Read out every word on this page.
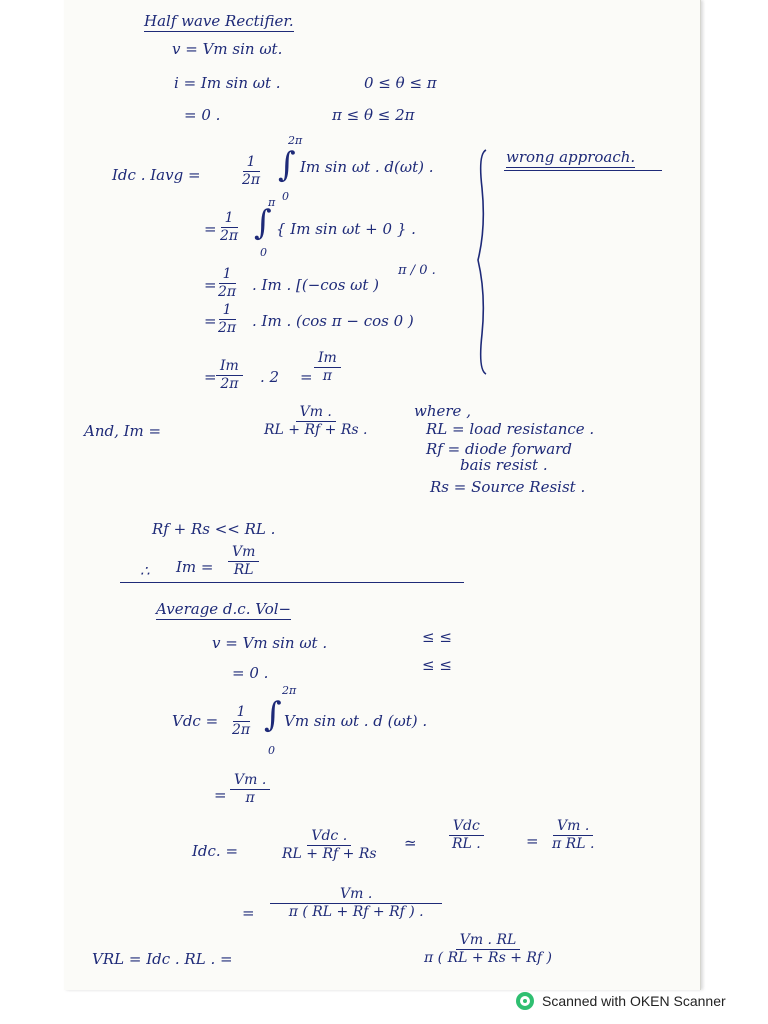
Half wave Rectifier.
v = Vm sin ωt.
i = Im sin ωt .	0 ≤ θ ≤ π
= 0 .	π ≤ θ ≤ 2π
Idc . Iavg =	$\frac{1}{2\pi}$
2π
∫
0
Im sin ωt . d(ωt) .
wrong approach.
= $\frac{1}{2\pi}$
π
∫
0
{ Im sin ωt + 0 } .
=
$\frac{1}{2\pi}$ . Im . [(−cos ωt )
π / 0 .
=
$\frac{1}{2\pi}$ . Im . (cos π − cos 0 )
= $\frac{Im}{2\pi}$ . $2 = \frac{Im}{\pi}$
And, Im =	$\frac{Vm .}{RL + Rf + Rs .}$	where ,
RL = load resistance .
Rf = diode forward
bais resist .
Rs = Source Resist .
Rf + Rs << RL .
∴ $Im = \frac{Vm}{RL}$
Average d.c. Vol−
v = Vm sin ωt .	≤ ≤
= 0 .	≤ ≤
Vdc = $\frac{1}{2\pi}$
2π
∫
0
Vm sin ωt . d (ωt) .
= $\frac{Vm .}{\pi}$
Idc. =
Vdc .
RL + Rf + Rs
≃
Vdc
RL .	= $\frac{Vm .}{\text{π RL .}}$
= $\frac{Vm .}{\pi ( RL + Rf + Rf ) .}$
VRL = Idc . RL . =	$\frac{Vm . RL}{\pi ( RL + Rs + Rf )}$
Scanned with OKEN Scanner
